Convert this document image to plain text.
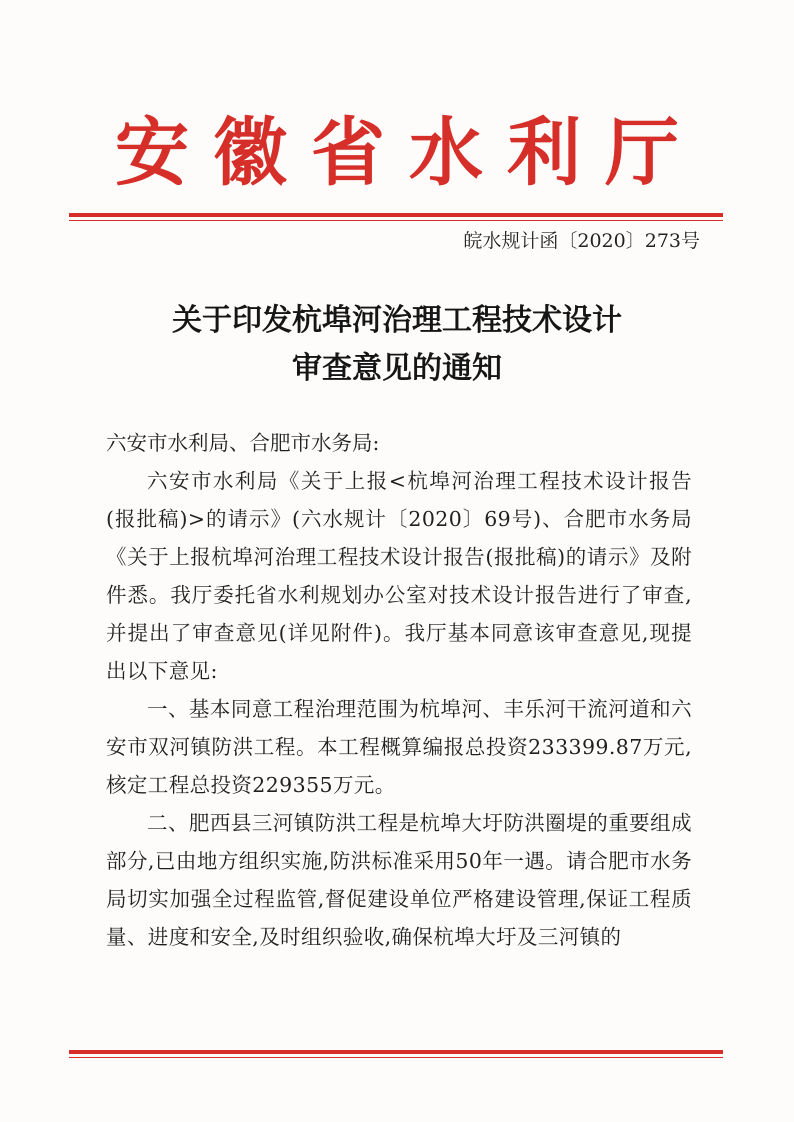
安徽省水利厅
皖水规计函〔2020〕273号
关于印发杭埠河治理工程技术设计
审查意见的通知

六安市水利局、合肥市水务局:

六安市水利局《关于上报<杭埠河治理工程技术设计报告(报批稿)>的请示》(六水规计〔2020〕69号)、合肥市水务局《关于上报杭埠河治理工程技术设计报告(报批稿)的请示》及附件悉。我厅委托省水利规划办公室对技术设计报告进行了审查,并提出了审查意见(详见附件)。我厅基本同意该审查意见,现提出以下意见:

一、基本同意工程治理范围为杭埠河、丰乐河干流河道和六安市双河镇防洪工程。本工程概算编报总投资233399.87万元,核定工程总投资229355万元。

二、肥西县三河镇防洪工程是杭埠大圩防洪圈堤的重要组成部分,已由地方组织实施,防洪标准采用50年一遇。请合肥市水务局切实加强全过程监管,督促建设单位严格建设管理,保证工程质量、进度和安全,及时组织验收,确保杭埠大圩及三河镇的
